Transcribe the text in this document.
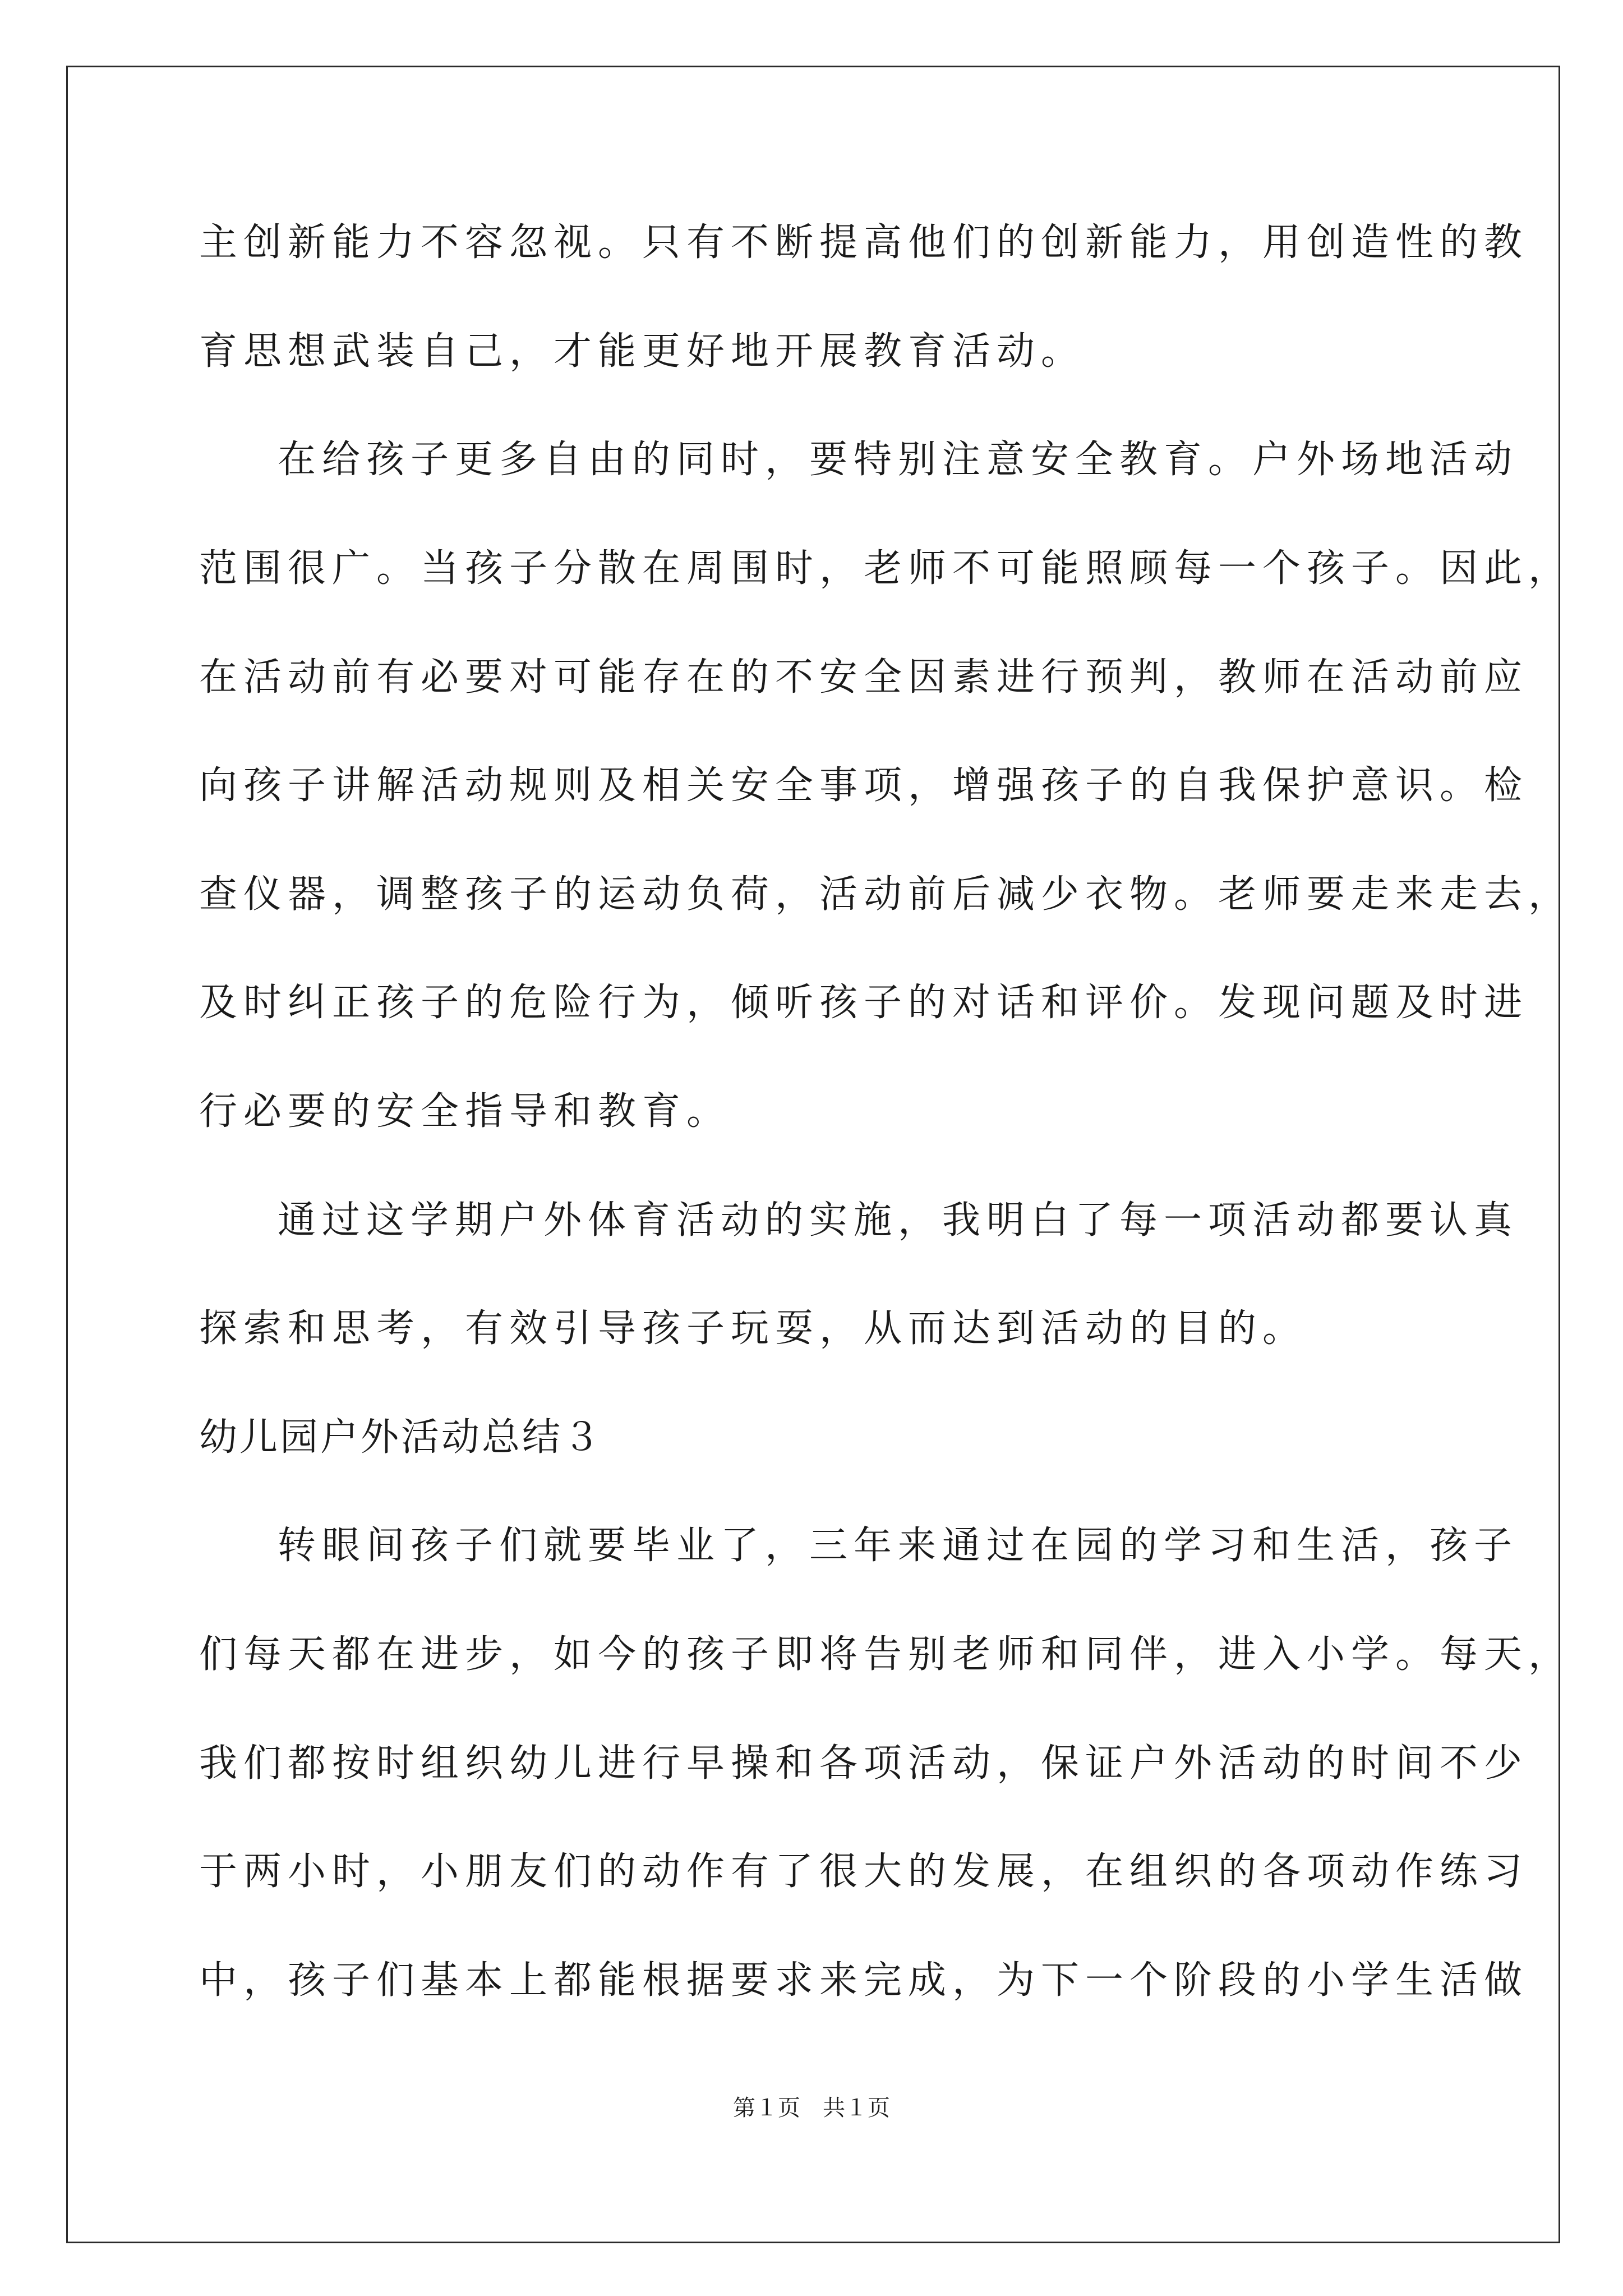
主创新能力不容忽视。只有不断提高他们的创新能力，用创造性的教
育思想武装自己，才能更好地开展教育活动。
在给孩子更多自由的同时，要特别注意安全教育。户外场地活动
范围很广。当孩子分散在周围时，老师不可能照顾每一个孩子。因此，
在活动前有必要对可能存在的不安全因素进行预判，教师在活动前应
向孩子讲解活动规则及相关安全事项，增强孩子的自我保护意识。检
查仪器，调整孩子的运动负荷，活动前后减少衣物。老师要走来走去，
及时纠正孩子的危险行为，倾听孩子的对话和评价。发现问题及时进
行必要的安全指导和教育。
通过这学期户外体育活动的实施，我明白了每一项活动都要认真
探索和思考，有效引导孩子玩耍，从而达到活动的目的。
幼儿园户外活动总结３
转眼间孩子们就要毕业了，三年来通过在园的学习和生活，孩子
们每天都在进步，如今的孩子即将告别老师和同伴，进入小学。每天，
我们都按时组织幼儿进行早操和各项活动，保证户外活动的时间不少
于两小时，小朋友们的动作有了很大的发展，在组织的各项动作练习
中，孩子们基本上都能根据要求来完成，为下一个阶段的小学生活做
第１页　共１页
